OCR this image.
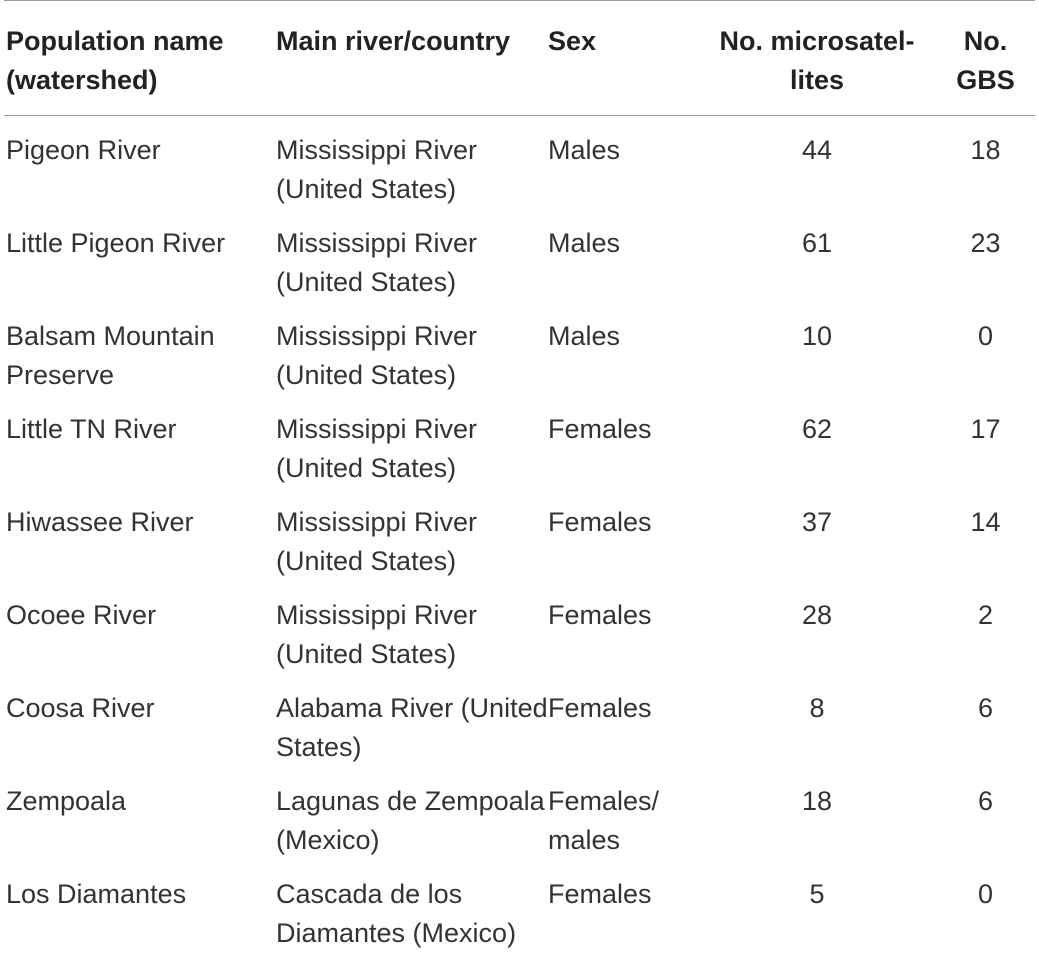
Population name (watershed)	Main river/country	Sex	No. microsatel-lites	No. GBS
Pigeon River	Mississippi River (United States)	Males	44	18
Little Pigeon River	Mississippi River (United States)	Males	61	23
Balsam Mountain Preserve	Mississippi River (United States)	Males	10	0
Little TN River	Mississippi River (United States)	Females	62	17
Hiwassee River	Mississippi River (United States)	Females	37	14
Ocoee River	Mississippi River (United States)	Females	28	2
Coosa River	Alabama River (United States)	Females	8	6
Zempoala	Lagunas de Zempoala (Mexico)	Females/ males	18	6
Los Diamantes	Cascada de los Diamantes (Mexico)	Females	5	0
